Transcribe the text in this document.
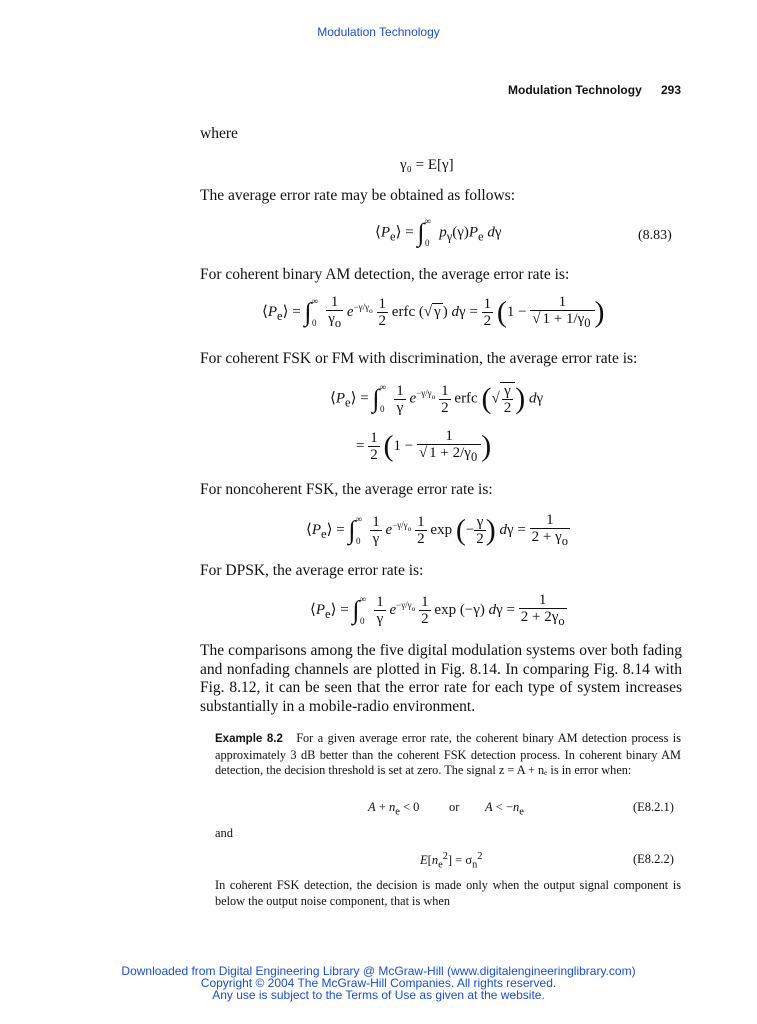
Modulation Technology
Modulation Technology 293
where
γ₀ = E[γ]
The average error rate may be obtained as follows:
$⟨P_e⟩ = \int^\infty_0$ $p_\gamma(\gamma)P_e$ dγ	(8.83)
For coherent binary AM detection, the average error rate is:
$⟨P_e⟩ = \int^\infty_0 \frac{1}{\gamma_o} e^{-\gamma/\gamma_o} \frac{1}{2}$ erfc (√ γ ) $d\gamma = \frac{1}{2} (1 - \frac{1}{√ 1 + 1/\gamma_0}$ )
For coherent FSK or FM with discrimination, the average error rate is:
$⟨P_e⟩ = \int^\infty_0 \frac{1}{\gamma} e^{-\gamma/\gamma_o} \frac{1}{2}$ erfc (√ $\frac{\gamma}{2}$ ) dγ
= $\frac{1}{2} (1 - \frac{1}{√ 1 + 2/\gamma_0}$ )
For noncoherent FSK, the average error rate is:
$⟨P_e⟩ = \int^\infty_0 \frac{1}{\gamma} e^{-\gamma/\gamma_o} \frac{1}{2}$ exp (− $\frac{\gamma}{2}$ ) $d\gamma = \frac{1}{2 + \gamma_o}$
For DPSK, the average error rate is:
$⟨P_e⟩ = \int^\infty_0 \frac{1}{\gamma} e^{-\gamma/\gamma_o} \frac{1}{2}$ exp (−γ) $d\gamma = \frac{1}{2 + 2\gamma_o}$
The comparisons among the five digital modulation systems over both fading and nonfading channels are plotted in Fig. 8.14. In comparing Fig. 8.14 with Fig. 8.12, it can be seen that the error rate for each type of system increases substantially in a mobile-radio environment.
Example 8.2 For a given average error rate, the coherent binary AM detection process is approximately 3 dB better than the coherent FSK detection process. In coherent binary AM detection, the decision threshold is set at zero. The signal z = A + nₑ is in error when:
$A + n_e < 0$ or $A < -n_e$	(E8.2.1)
and
$E[n_e^2] = \sigma_n^2$	(E8.2.2)
In coherent FSK detection, the decision is made only when the output signal component is below the output noise component, that is when
Downloaded from Digital Engineering Library @ McGraw-Hill (www.digitalengineeringlibrary.com)
Copyright © 2004 The McGraw-Hill Companies. All rights reserved.
Any use is subject to the Terms of Use as given at the website.
